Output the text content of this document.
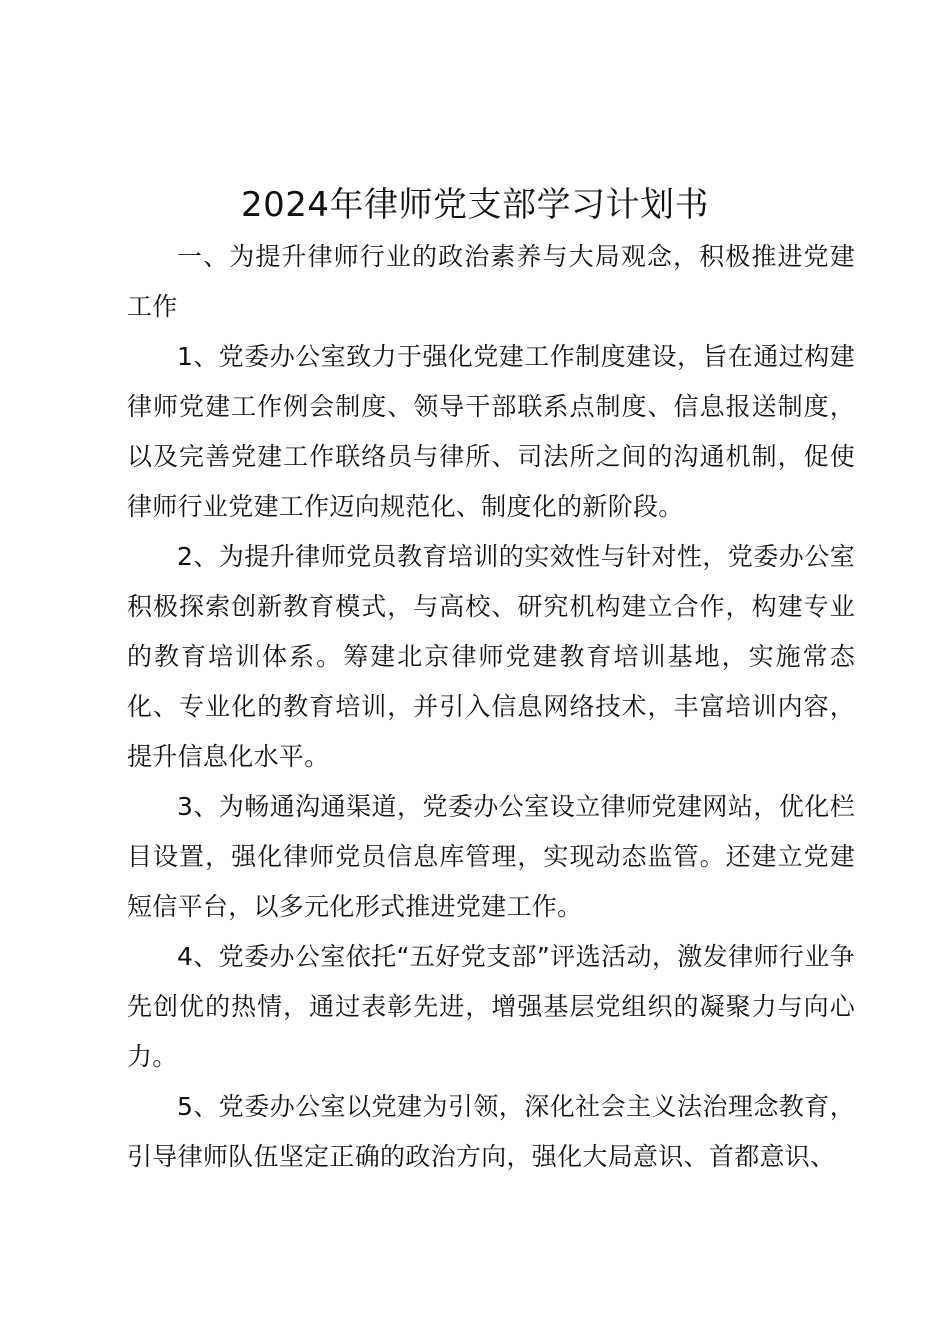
2024年律师党支部学习计划书

一、为提升律师行业的政治素养与大局观念，积极推进党建工作

1、党委办公室致力于强化党建工作制度建设，旨在通过构建律师党建工作例会制度、领导干部联系点制度、信息报送制度，以及完善党建工作联络员与律所、司法所之间的沟通机制，促使律师行业党建工作迈向规范化、制度化的新阶段。

2、为提升律师党员教育培训的实效性与针对性，党委办公室积极探索创新教育模式，与高校、研究机构建立合作，构建专业的教育培训体系。筹建北京律师党建教育培训基地，实施常态化、专业化的教育培训，并引入信息网络技术，丰富培训内容，提升信息化水平。

3、为畅通沟通渠道，党委办公室设立律师党建网站，优化栏目设置，强化律师党员信息库管理，实现动态监管。还建立党建短信平台，以多元化形式推进党建工作。

4、党委办公室依托“五好党支部”评选活动，激发律师行业争先创优的热情，通过表彰先进，增强基层党组织的凝聚力与向心力。

5、党委办公室以党建为引领，深化社会主义法治理念教育，引导律师队伍坚定正确的政治方向，强化大局意识、首都意识、
